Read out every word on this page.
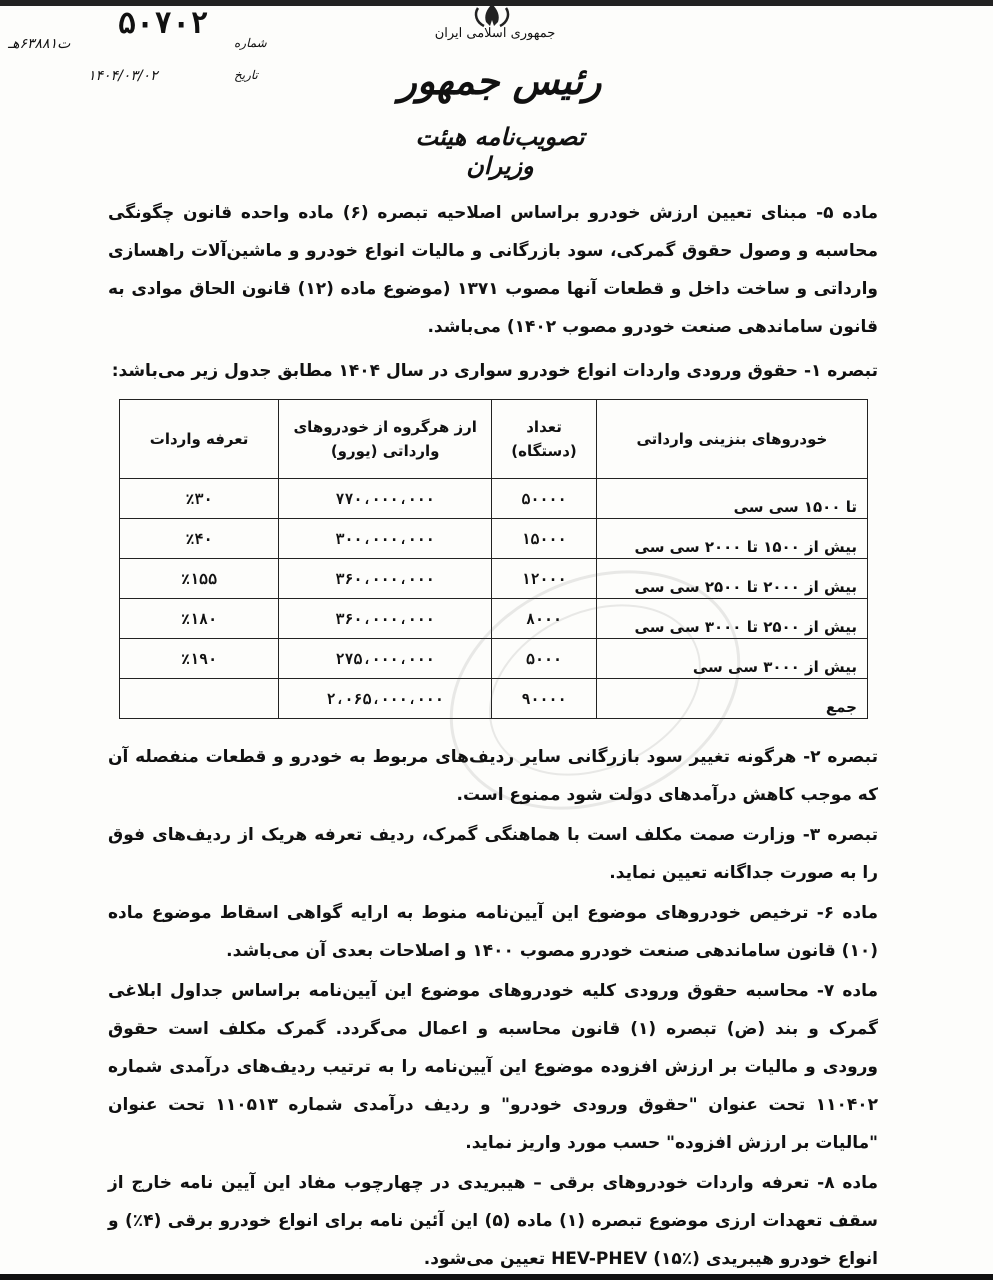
جمهوری اسلامی ایران
رئیس جمهور
تصویب‌نامه هیئت وزیران
۵۰۷۰۲
شماره
ت۶۳۸۸۱هـ
تاریخ
۱۴۰۴/۰۳/۰۲
ماده ۵- مبنای تعیین ارزش خودرو براساس اصلاحیه تبصره (۶) ماده واحده قانون چگونگی محاسبه و وصول حقوق گمرکی، سود بازرگانی و مالیات انواع خودرو و ماشین‌آلات راهسازی وارداتی و ساخت داخل و قطعات آنها مصوب ۱۳۷۱ (موضوع ماده (۱۲) قانون الحاق موادی به قانون ساماندهی صنعت خودرو مصوب ۱۴۰۲) می‌باشد.
تبصره ۱- حقوق ورودی واردات انواع خودرو سواری در سال ۱۴۰۴ مطابق جدول زیر می‌باشد:
خودروهای بنزینی وارداتی	تعداد (دستگاه)	ارز هرگروه از خودروهای وارداتی (یورو)	تعرفه واردات
تا ۱۵۰۰ سی سی	۵۰۰۰۰	۷۷۰،۰۰۰،۰۰۰	٪۳۰
بیش از ۱۵۰۰ تا ۲۰۰۰ سی سی	۱۵۰۰۰	۳۰۰،۰۰۰،۰۰۰	٪۴۰
بیش از ۲۰۰۰ تا ۲۵۰۰ سی سی	۱۲۰۰۰	۳۶۰،۰۰۰،۰۰۰	٪۱۵۵
بیش از ۲۵۰۰ تا ۳۰۰۰ سی سی	۸۰۰۰	۳۶۰،۰۰۰،۰۰۰	٪۱۸۰
بیش از ۳۰۰۰ سی سی	۵۰۰۰	۲۷۵،۰۰۰،۰۰۰	٪۱۹۰
جمع	۹۰۰۰۰	۲،۰۶۵،۰۰۰،۰۰۰	
تبصره ۲- هرگونه تغییر سود بازرگانی سایر ردیف‌های مربوط به خودرو و قطعات منفصله آن که موجب کاهش درآمدهای دولت شود ممنوع است.
تبصره ۳- وزارت صمت مکلف است با هماهنگی گمرک، ردیف تعرفه هریک از ردیف‌های فوق را به صورت جداگانه تعیین نماید.
ماده ۶- ترخیص خودروهای موضوع این آیین‌نامه منوط به ارایه گواهی اسقاط موضوع ماده (۱۰) قانون ساماندهی صنعت خودرو مصوب ۱۴۰۰ و اصلاحات بعدی آن می‌باشد.
ماده ۷- محاسبه حقوق ورودی کلیه خودروهای موضوع این آیین‌نامه براساس جداول ابلاغی گمرک و بند (ض) تبصره (۱) قانون محاسبه و اعمال می‌گردد. گمرک مکلف است حقوق ورودی و مالیات بر ارزش افزوده موضوع این آیین‌نامه را به ترتیب ردیف‌های درآمدی شماره ۱۱۰۴۰۲ تحت عنوان "حقوق ورودی خودرو" و ردیف درآمدی شماره ۱۱۰۵۱۳ تحت عنوان "مالیات بر ارزش افزوده" حسب مورد واریز نماید.
ماده ۸- تعرفه واردات خودروهای برقی – هیبریدی در چهارچوب مفاد این آیین نامه خارج از سقف تعهدات ارزی موضوع تبصره (۱) ماده (۵) این آئین نامه برای انواع خودرو برقی (۴٪) و انواع خودرو هیبریدی HEV-PHEV (۱۵٪) تعیین می‌شود.
